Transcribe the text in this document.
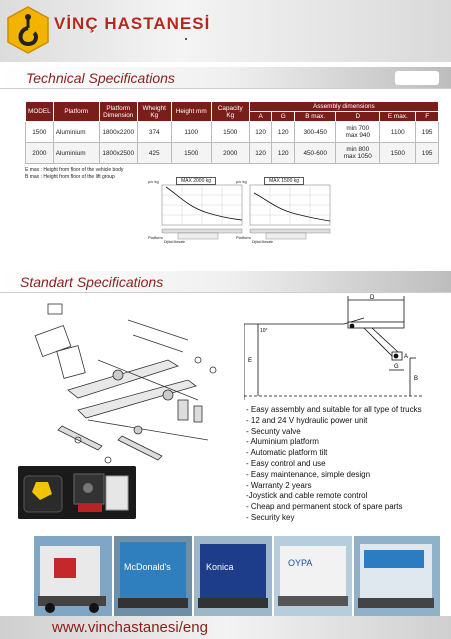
VİNÇ HASTANESİ
Technical Specifications
MODEL	Platform	Platform Dimension	Wheight Kg	Height mm	Capacity Kg	Assembly dimensions					
						A	G	B max.	D	E max.	F
1500	Aluminium	1800x2200	374	1100	1500	120	120	300-450	min 700
max 940	1100	195
2000	Aluminium	1800x2500	425	1500	2000	120	120	450-600	min 800
max 1050	1500	195
E max : Height from floor of the vehicle body
B max : Height from floor of the lift group
MAX 2000 kg
p/c kg
Platform
Dijital Mesafe
MAX 1500 kg
p/c kg
Platform
Dijital Mesafe
Standart Specifications
D
E
A
G
B
10°
- Easy assembly and suitable for all type of trucks
- 12 and 24 V hydraulic power unit
- Secunty valve
- Aluminium platform
- Automatic platform tilt
- Easy control and use
- Easy maintenance, simple design
- Warranty 2 years
-Joystick and cable remote control
- Cheap and permanent stock of spare parts
- Security key
McDonald's	Konica	OYPA
www.vinchastanesi/eng
